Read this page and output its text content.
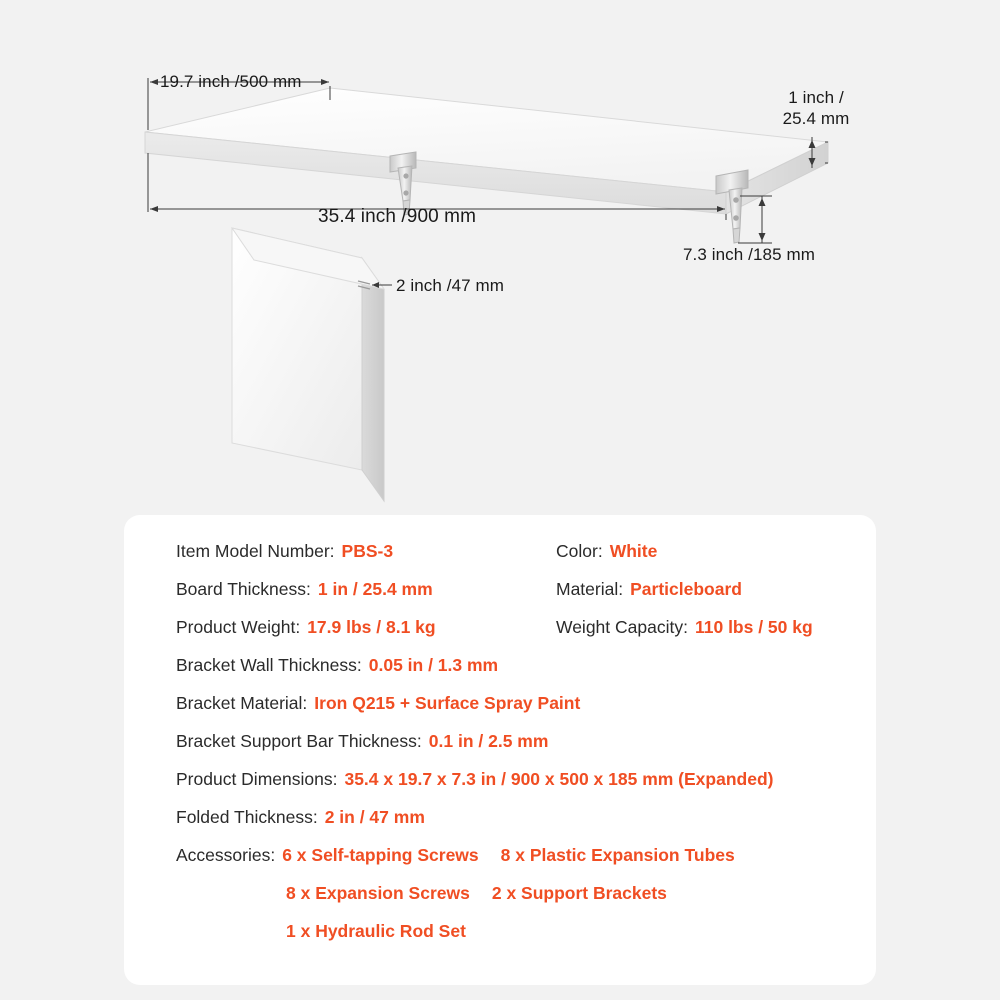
19.7 inch /500 mm
1 inch /
25.4 mm
35.4 inch /900 mm
7.3 inch /185 mm
2 inch /47 mm
Item Model Number: PBS-3	Color: White
Board Thickness: 1 in / 25.4 mm	Material: Particleboard
Product Weight: 17.9 lbs / 8.1 kg	Weight Capacity: 110 lbs / 50 kg
Bracket Wall Thickness: 0.05 in / 1.3 mm
Bracket Material: Iron Q215 + Surface Spray Paint
Bracket Support Bar Thickness: 0.1 in / 2.5 mm
Product Dimensions: 35.4 x 19.7 x 7.3 in / 900 x 500 x 185 mm (Expanded)
Folded Thickness: 2 in / 47 mm
Accessories: 6 x Self-tapping Screws 8 x Plastic Expansion Tubes
8 x Expansion Screws 2 x Support Brackets
1 x Hydraulic Rod Set
